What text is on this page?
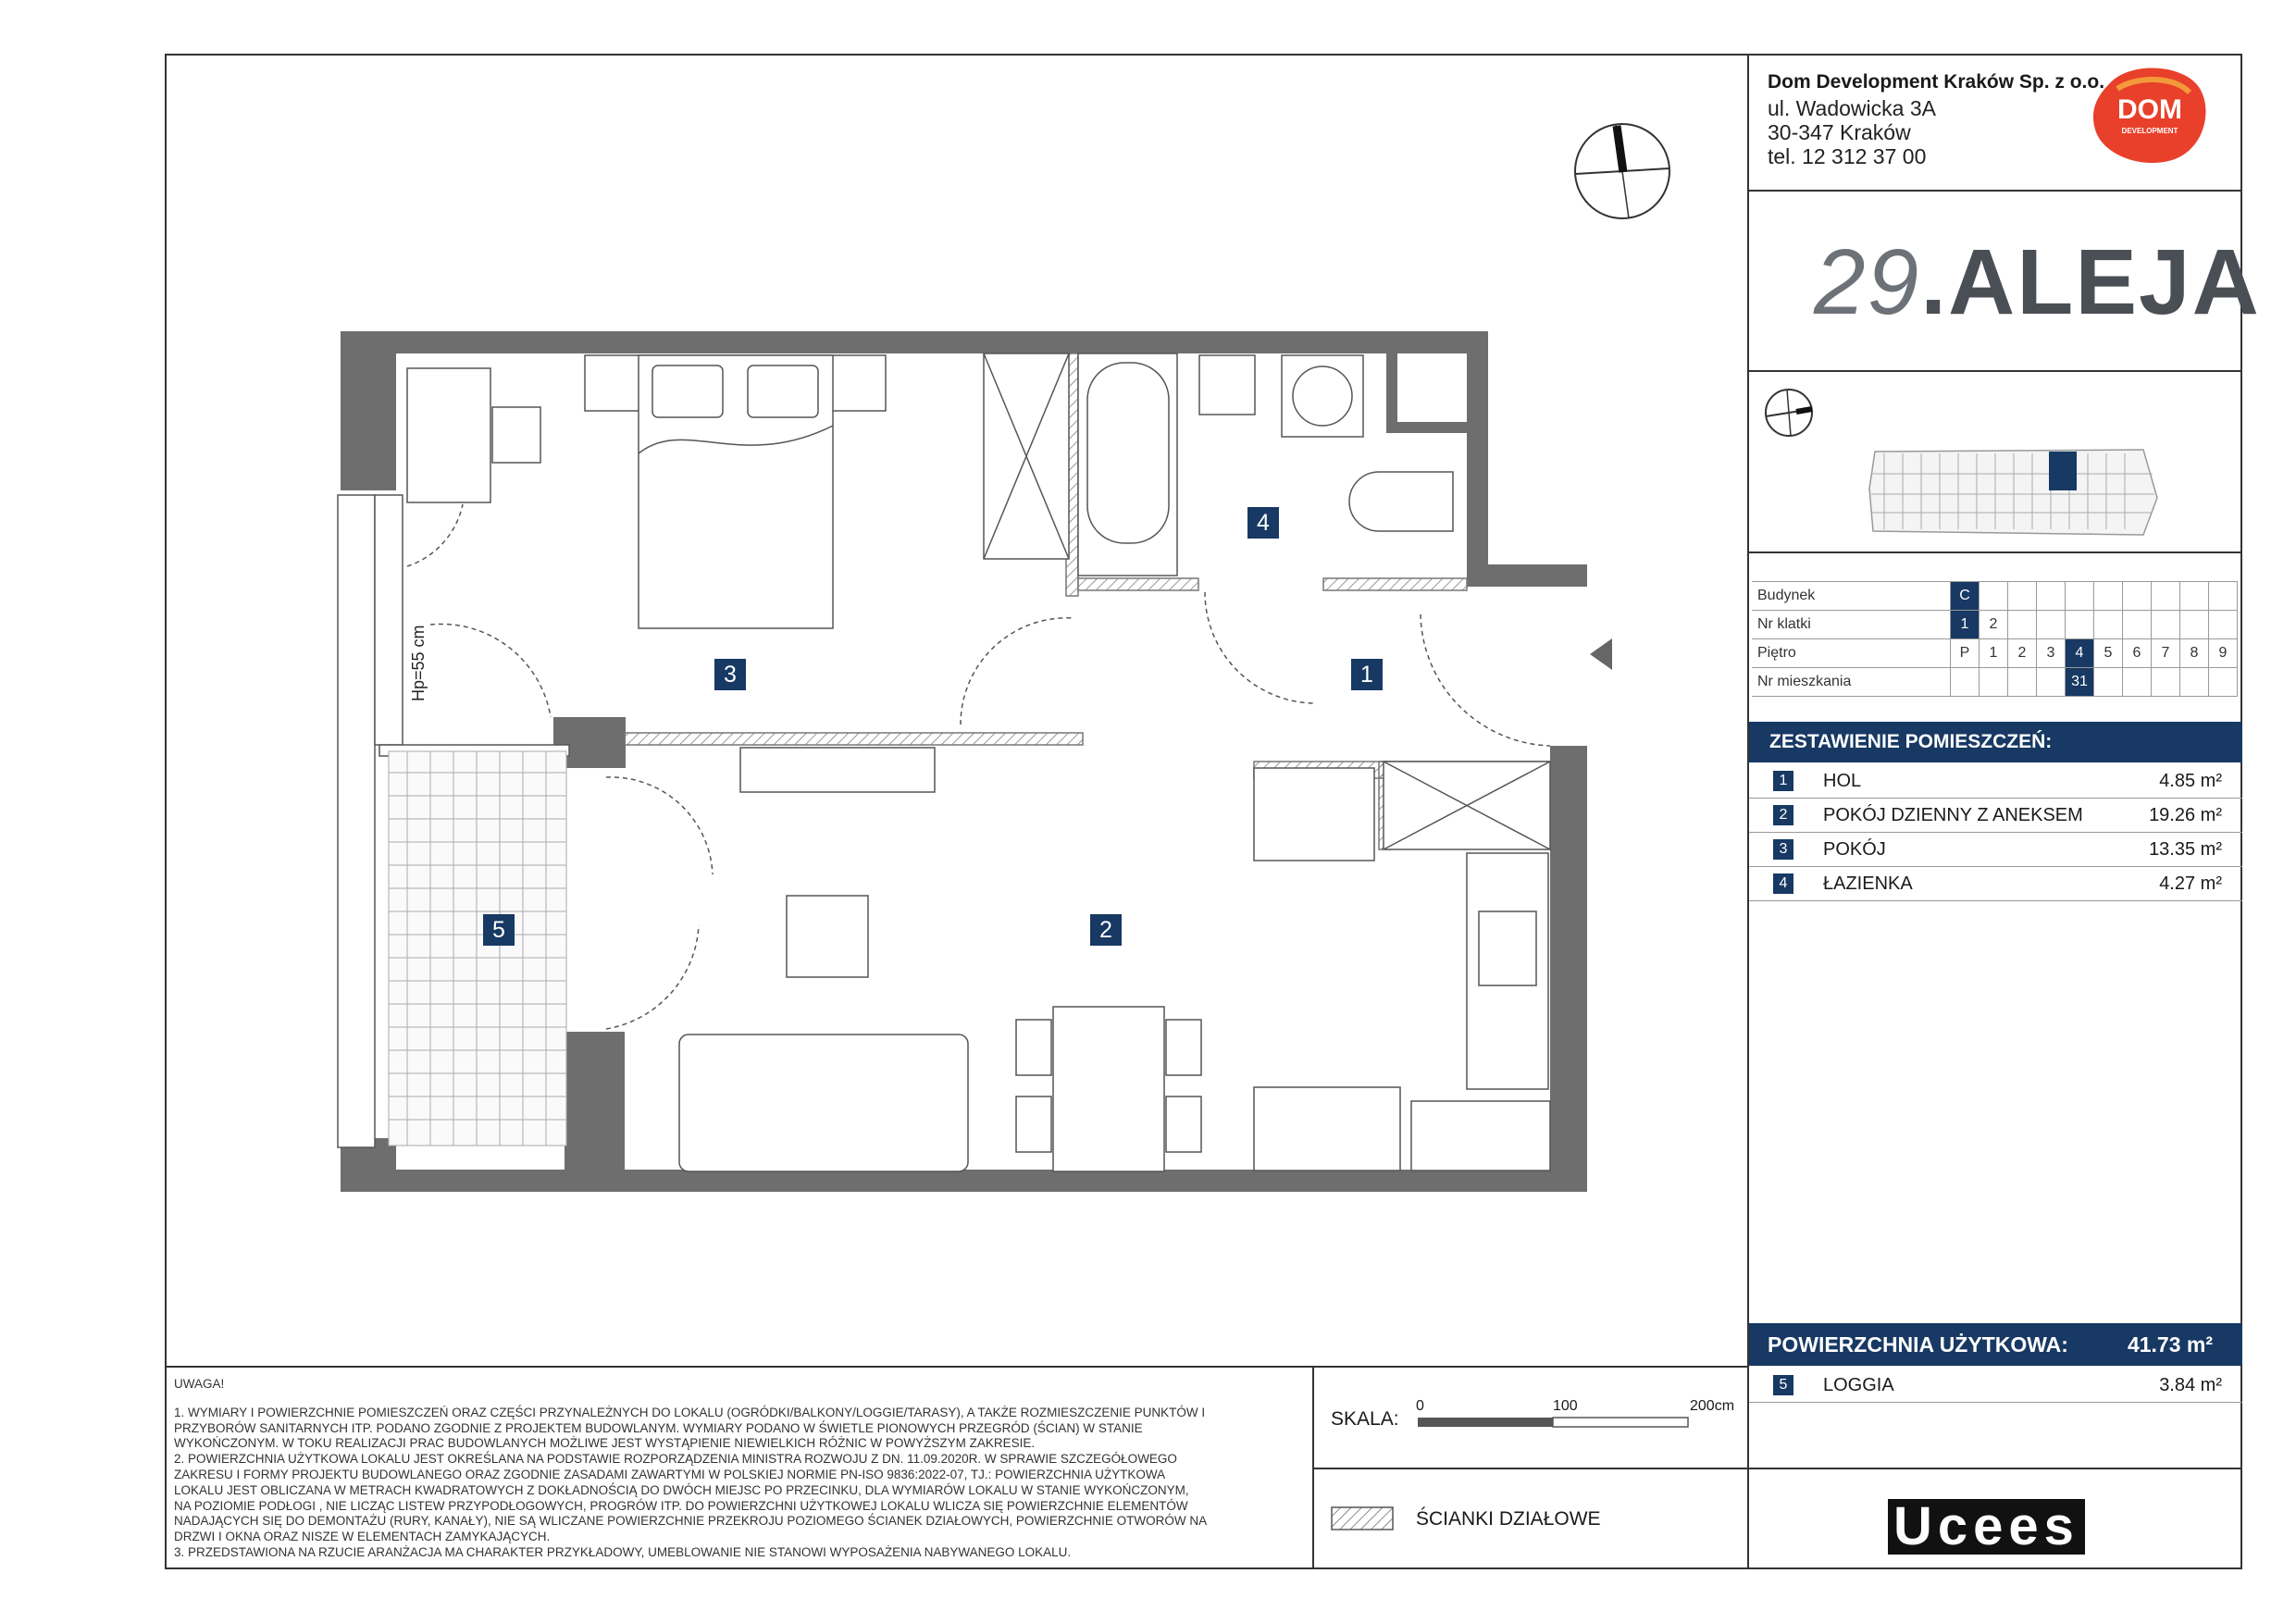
Dom Development Kraków Sp. z o.o.
ul. Wadowicka 3A
30-347 Kraków
tel. 12 312 37 00
DOM
DEVELOPMENT
29.ALEJA
Budynek	C									
Nr klatki	1	2								
Piętro	P	1	2	3	4	5	6	7	8	9
Nr mieszkania					31					
ZESTAWIENIE POMIESZCZEŃ:
1	HOL	4.85 m²
2	POKÓJ DZIENNY Z ANEKSEM	19.26 m²
3	POKÓJ	13.35 m²
4	ŁAZIENKA	4.27 m²
POWIERZCHNIA UŻYTKOWA:	41.73 m²
5	LOGGIA	3.84 m²
UWAGA!
1. WYMIARY I POWIERZCHNIE POMIESZCZEŃ ORAZ CZĘŚCI PRZYNALEŻNYCH DO LOKALU (OGRÓDKI/BALKONY/LOGGIE/TARASY), A TAKŻE ROZMIESZCZENIE PUNKTÓW I
PRZYBORÓW SANITARNYCH ITP. PODANO ZGODNIE Z PROJEKTEM BUDOWLANYM. WYMIARY PODANO W ŚWIETLE PIONOWYCH PRZEGRÓD (ŚCIAN) W STANIE
WYKOŃCZONYM. W TOKU REALIZACJI PRAC BUDOWLANYCH MOŻLIWE JEST WYSTĄPIENIE NIEWIELKICH RÓŻNIC W POWYŻSZYM ZAKRESIE.
2. POWIERZCHNIA UŻYTKOWA LOKALU JEST OKREŚLANA NA PODSTAWIE ROZPORZĄDZENIA MINISTRA ROZWOJU Z DN. 11.09.2020R. W SPRAWIE SZCZEGÓŁOWEGO
ZAKRESU I FORMY PROJEKTU BUDOWLANEGO ORAZ ZGODNIE ZASADAMI ZAWARTYMI W POLSKIEJ NORMIE PN-ISO 9836:2022-07, TJ.: POWIERZCHNIA UŻYTKOWA
LOKALU JEST OBLICZANA W METRACH KWADRATOWYCH Z DOKŁADNOŚCIĄ DO DWÓCH MIEJSC PO PRZECINKU, DLA WYMIARÓW LOKALU W STANIE WYKOŃCZONYM,
NA POZIOMIE PODŁOGI , NIE LICZĄC LISTEW PRZYPODŁOGOWYCH, PROGRÓW ITP. DO POWIERZCHNI UŻYTKOWEJ LOKALU WLICZA SIĘ POWIERZCHNIE ELEMENTÓW
NADAJĄCYCH SIĘ DO DEMONTAŻU (RURY, KANAŁY), NIE SĄ WLICZANE POWIERZCHNIE PRZEKROJU POZIOMEGO ŚCIANEK DZIAŁOWYCH, POWIERZCHNIE OTWORÓW NA
DRZWI I OKNA ORAZ NISZE W ELEMENTACH ZAMYKAJĄCYCH.
3. PRZEDSTAWIONA NA RZUCIE ARANŻACJA MA CHARAKTER PRZYKŁADOWY, UMEBLOWANIE NIE STANOWI WYPOSAŻENIA NABYWANEGO LOKALU.
SKALA:
0	100	200cm
ŚCIANKI DZIAŁOWE	Ucees
Hp=55 cm	1
2
3
4
5
